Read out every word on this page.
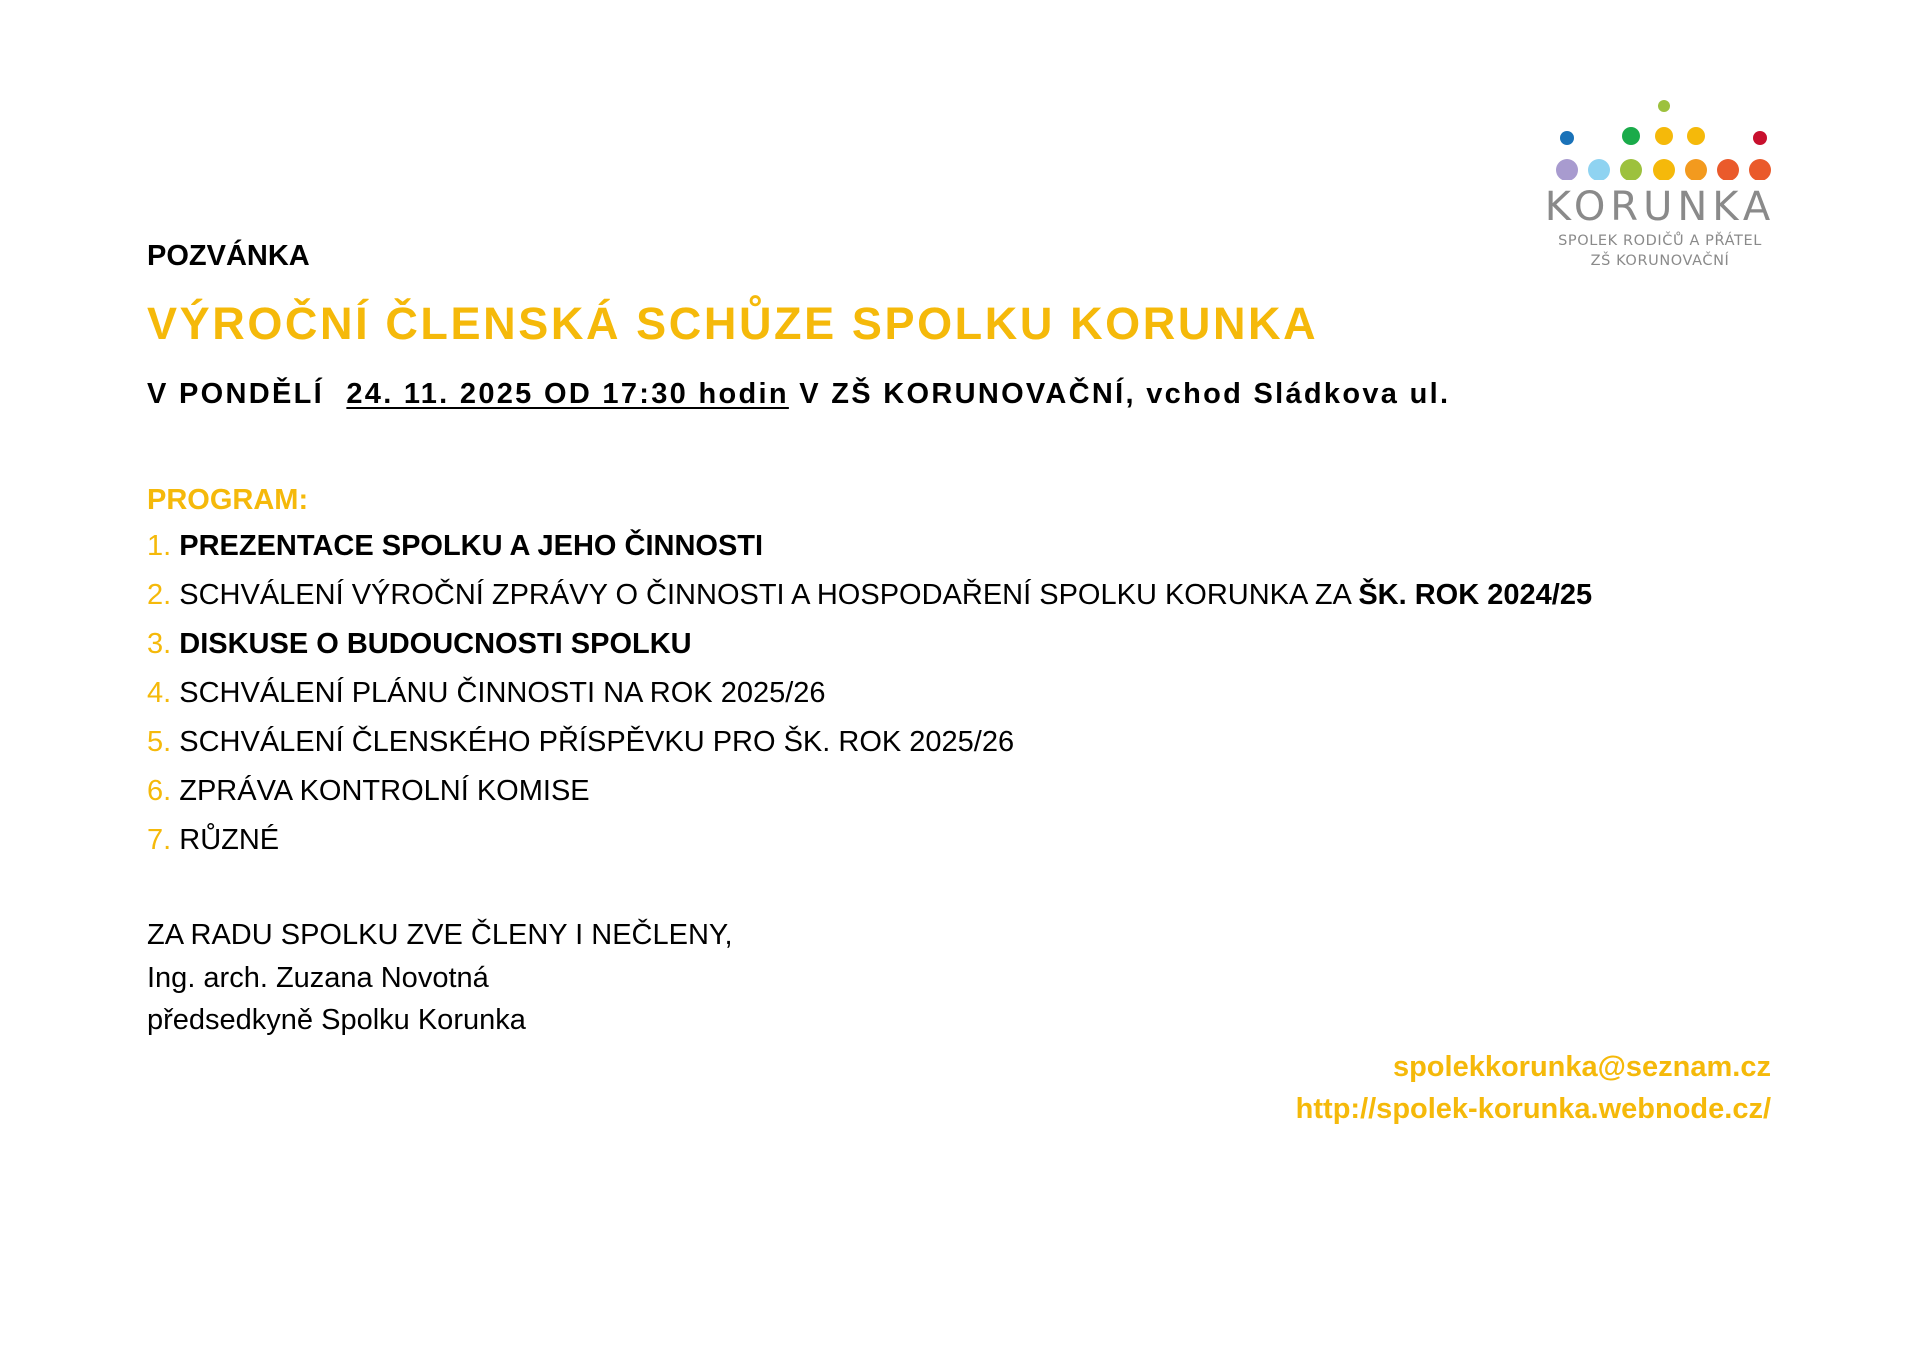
KORUNKA
SPOLEK RODIČŮ A PŘÁTEL
ZŠ KORUNOVAČNÍ
POZVÁNKA
VÝROČNÍ ČLENSKÁ SCHŮZE SPOLKU KORUNKA
V PONDĚLÍ 24. 11. 2025 OD 17:30 hodin V ZŠ KORUNOVAČNÍ, vchod Sládkova ul.
PROGRAM:
1. PREZENTACE SPOLKU A JEHO ČINNOSTI
2. SCHVÁLENÍ VÝROČNÍ ZPRÁVY O ČINNOSTI A HOSPODAŘENÍ SPOLKU KORUNKA ZA ŠK. ROK 2024/25
3. DISKUSE O BUDOUCNOSTI SPOLKU
4. SCHVÁLENÍ PLÁNU ČINNOSTI NA ROK 2025/26
5. SCHVÁLENÍ ČLENSKÉHO PŘÍSPĚVKU PRO ŠK. ROK 2025/26
6. ZPRÁVA KONTROLNÍ KOMISE
7. RŮZNÉ
ZA RADU SPOLKU ZVE ČLENY I NEČLENY,
Ing. arch. Zuzana Novotná
předsedkyně Spolku Korunka
spolekkorunka@seznam.cz
http://spolek-korunka.webnode.cz/
